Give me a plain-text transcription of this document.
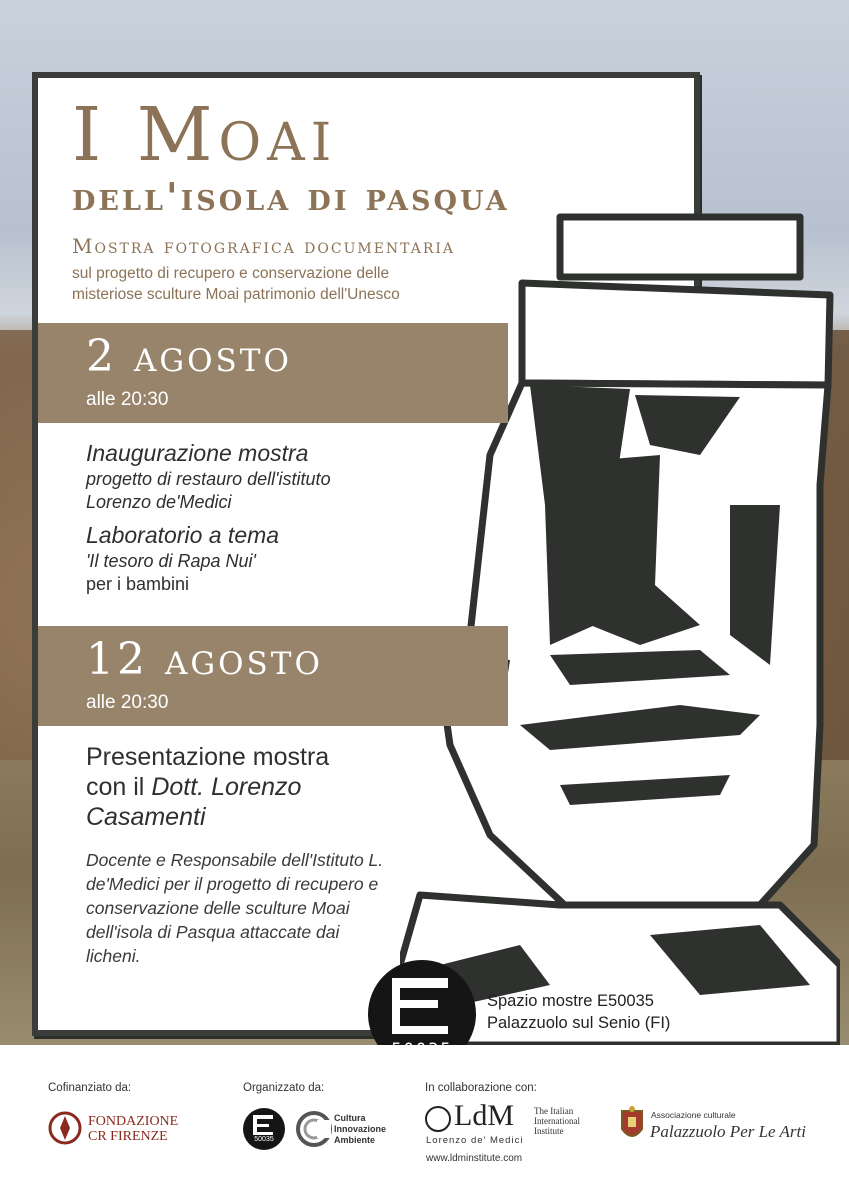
I Moai
dell'isola di pasqua
Mostra fotografica documentaria
sul progetto di recupero e conservazione delle
misteriose sculture Moai patrimonio dell'Unesco
2 agosto
alle 20:30
Inaugurazione mostra
progetto di restauro dell'istituto
Lorenzo de'Medici
Laboratorio a tema
'Il tesoro di Rapa Nui'
per i bambini
12 agosto
alle 20:30
Presentazione mostra
con il Dott. Lorenzo
Casamenti
Docente e Responsabile dell'Istituto L. de'Medici per il progetto di recupero e conservazione delle sculture Moai dell'isola di Pasqua attaccate dai licheni.
Spazio mostre E50035
Palazzuolo sul Senio (FI)
Cofinanziato da:
FONDAZIONE
CR FIRENZE
Organizzato da:
50035
Cultura
Innovazione
Ambiente
In collaborazione con:
LdM The Italian
International
Institute
Lorenzo de' Medici
www.ldminstitute.com
Associazione culturale
Palazzuolo Per Le Arti
